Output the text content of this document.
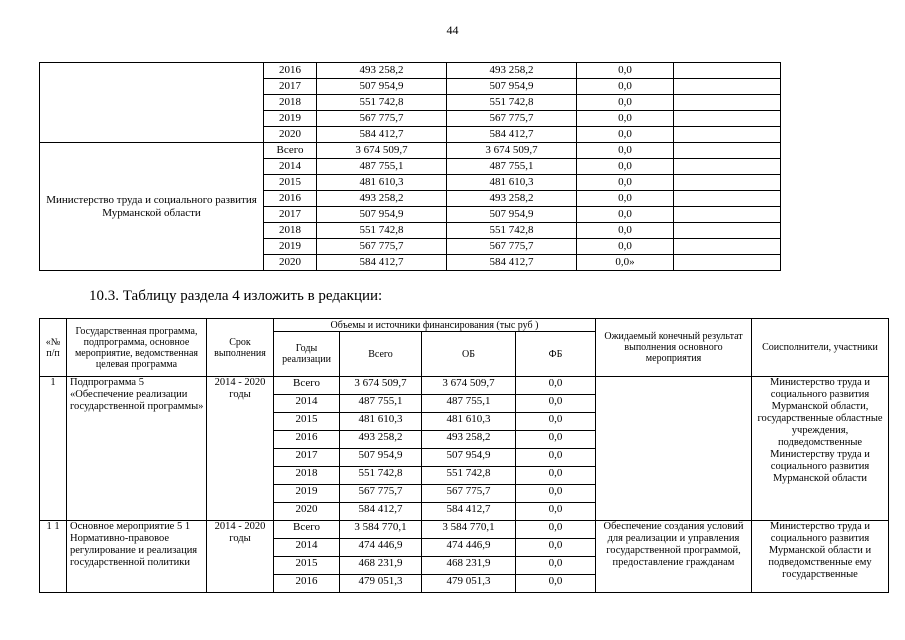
44
	2016	493 258,2	493 258,2	0,0	
	2017	507 954,9	507 954,9	0,0	
	2018	551 742,8	551 742,8	0,0	
	2019	567 775,7	567 775,7	0,0	
	2020	584 412,7	584 412,7	0,0	
Министерство труда и социального развития Мурманской области	Всего	3 674 509,7	3 674 509,7	0,0	
	2014	487 755,1	487 755,1	0,0	
	2015	481 610,3	481 610,3	0,0	
	2016	493 258,2	493 258,2	0,0	
	2017	507 954,9	507 954,9	0,0	
	2018	551 742,8	551 742,8	0,0	
	2019	567 775,7	567 775,7	0,0	
	2020	584 412,7	584 412,7	0,0»	
10.3. Таблицу раздела 4 изложить в редакции:
«№ п/п	Государственная программа, подпрограмма, основное мероприятие, ведомственная целевая программа	Срок выполнения	Объемы и источники финансирования (тыс руб )				Ожидаемый конечный результат выполнения основного мероприятия	Соисполнители, участники
			Годы реализации	Всего	ОБ	ФБ		
1	Подпрограмма 5 «Обеспечение реализации государственной программы»	2014 - 2020 годы	Всего	3 674 509,7	3 674 509,7	0,0		Министерство труда и социального развития Мурманской области, государственные областные учреждения, подведомственные Министерству труда и социального развития Мурманской области
			2014	487 755,1	487 755,1	0,0		
			2015	481 610,3	481 610,3	0,0		
			2016	493 258,2	493 258,2	0,0		
			2017	507 954,9	507 954,9	0,0		
			2018	551 742,8	551 742,8	0,0		
			2019	567 775,7	567 775,7	0,0		
			2020	584 412,7	584 412,7	0,0		
1 1	Основное мероприятие 5 1 Нормативно-правовое регулирование и реализация государственной политики	2014 - 2020 годы	Всего	3 584 770,1	3 584 770,1	0,0	Обеспечение создания условий для реализации и управления государственной программой, предоставление гражданам	Министерство труда и социального развития Мурманской области и подведомственные ему государственные
			2014	474 446,9	474 446,9	0,0		
			2015	468 231,9	468 231,9	0,0		
			2016	479 051,3	479 051,3	0,0		
